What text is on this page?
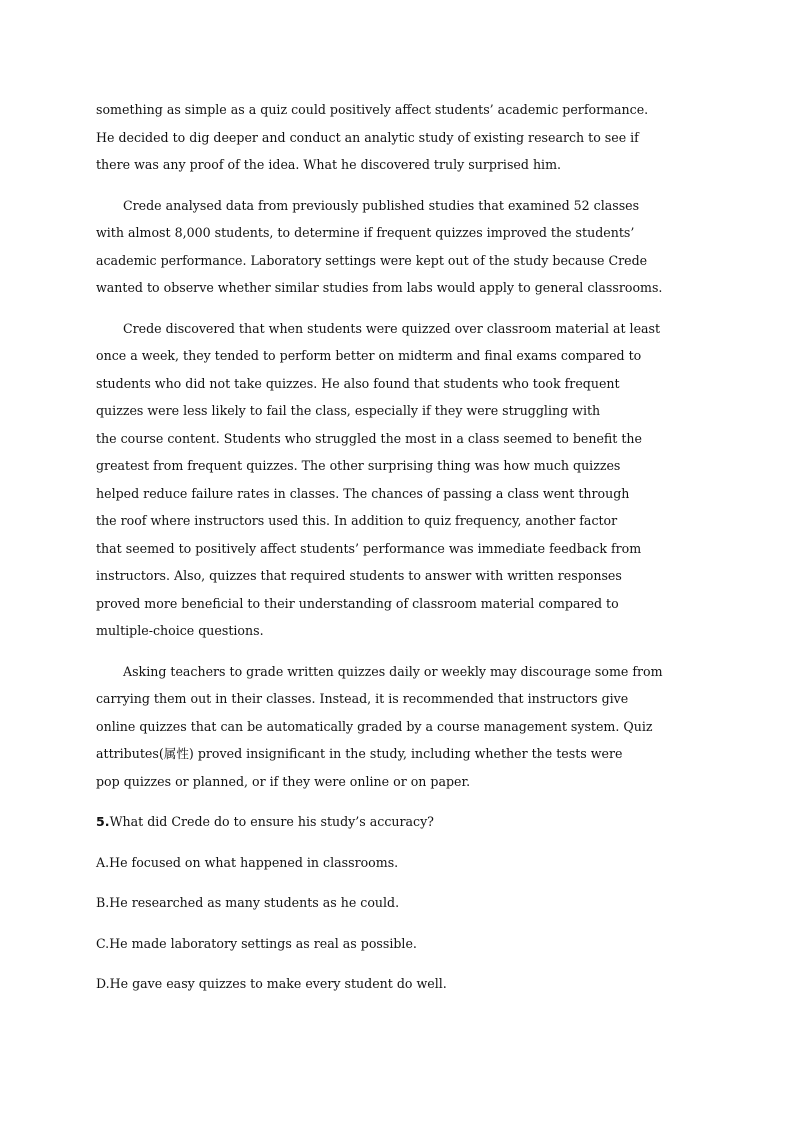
something as simple as a quiz could positively affect students’ academic performance.
He decided to dig deeper and conduct an analytic study of existing research to see if
there was any proof of the idea. What he discovered truly surprised him.

Crede analysed data from previously published studies that examined 52 classes
with almost 8,000 students, to determine if frequent quizzes improved the students’
academic performance. Laboratory settings were kept out of the study because Crede
wanted to observe whether similar studies from labs would apply to general classrooms.

Crede discovered that when students were quizzed over classroom material at least
once a week, they tended to perform better on midterm and final exams compared to
students who did not take quizzes. He also found that students who took frequent
quizzes were less likely to fail the class, especially if they were struggling with
the course content. Students who struggled the most in a class seemed to benefit the
greatest from frequent quizzes. The other surprising thing was how much quizzes
helped reduce failure rates in classes. The chances of passing a class went through
the roof where instructors used this. In addition to quiz frequency, another factor
that seemed to positively affect students’ performance was immediate feedback from
instructors. Also, quizzes that required students to answer with written responses
proved more beneficial to their understanding of classroom material compared to
multiple-choice questions.

Asking teachers to grade written quizzes daily or weekly may discourage some from
carrying them out in their classes. Instead, it is recommended that instructors give
online quizzes that can be automatically graded by a course management system. Quiz
attributes(属性) proved insignificant in the study, including whether the tests were
pop quizzes or planned, or if they were online or on paper.

5.What did Crede do to ensure his study’s accuracy?

A.He focused on what happened in classrooms.

B.He researched as many students as he could.

C.He made laboratory settings as real as possible.

D.He gave easy quizzes to make every student do well.
